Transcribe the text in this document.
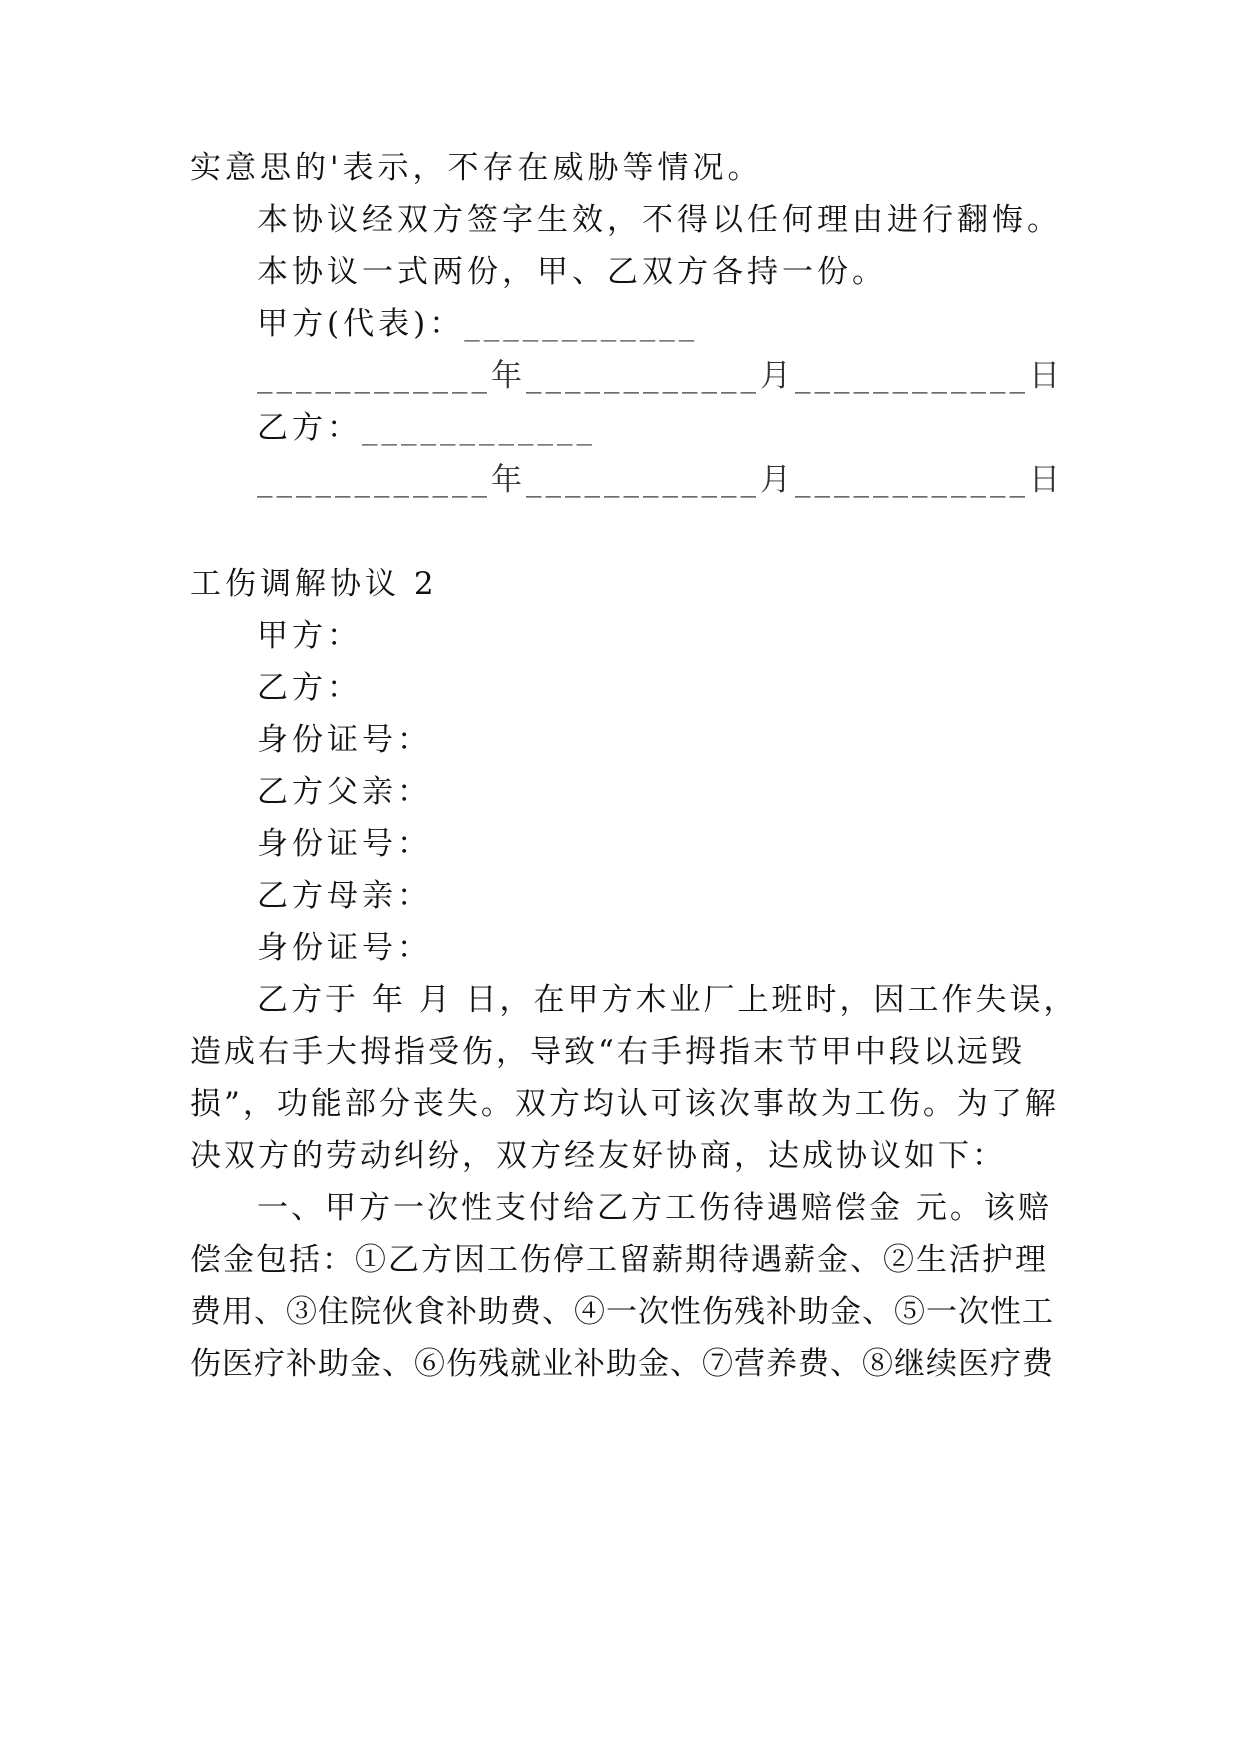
实意思的'表示，不存在威胁等情况。
本协议经双方签字生效，不得以任何理由进行翻悔。
本协议一式两份，甲、乙双方各持一份。
甲方(代表)：____________
____________年____________月____________日
乙方：____________
____________年____________月____________日
工伤调解协议 2
甲方：
乙方：
身份证号：
乙方父亲：
身份证号：
乙方母亲：
身份证号：
乙方于 年 月 日，在甲方木业厂上班时，因工作失误，
造成右手大拇指受伤，导致“右手拇指末节甲中段以远毁
损”，功能部分丧失。双方均认可该次事故为工伤。为了解
决双方的劳动纠纷，双方经友好协商，达成协议如下：
一、甲方一次性支付给乙方工伤待遇赔偿金 元。该赔
偿金包括：①乙方因工伤停工留薪期待遇薪金、②生活护理
费用、③住院伙食补助费、④一次性伤残补助金、⑤一次性工
伤医疗补助金、⑥伤残就业补助金、⑦营养费、⑧继续医疗费
